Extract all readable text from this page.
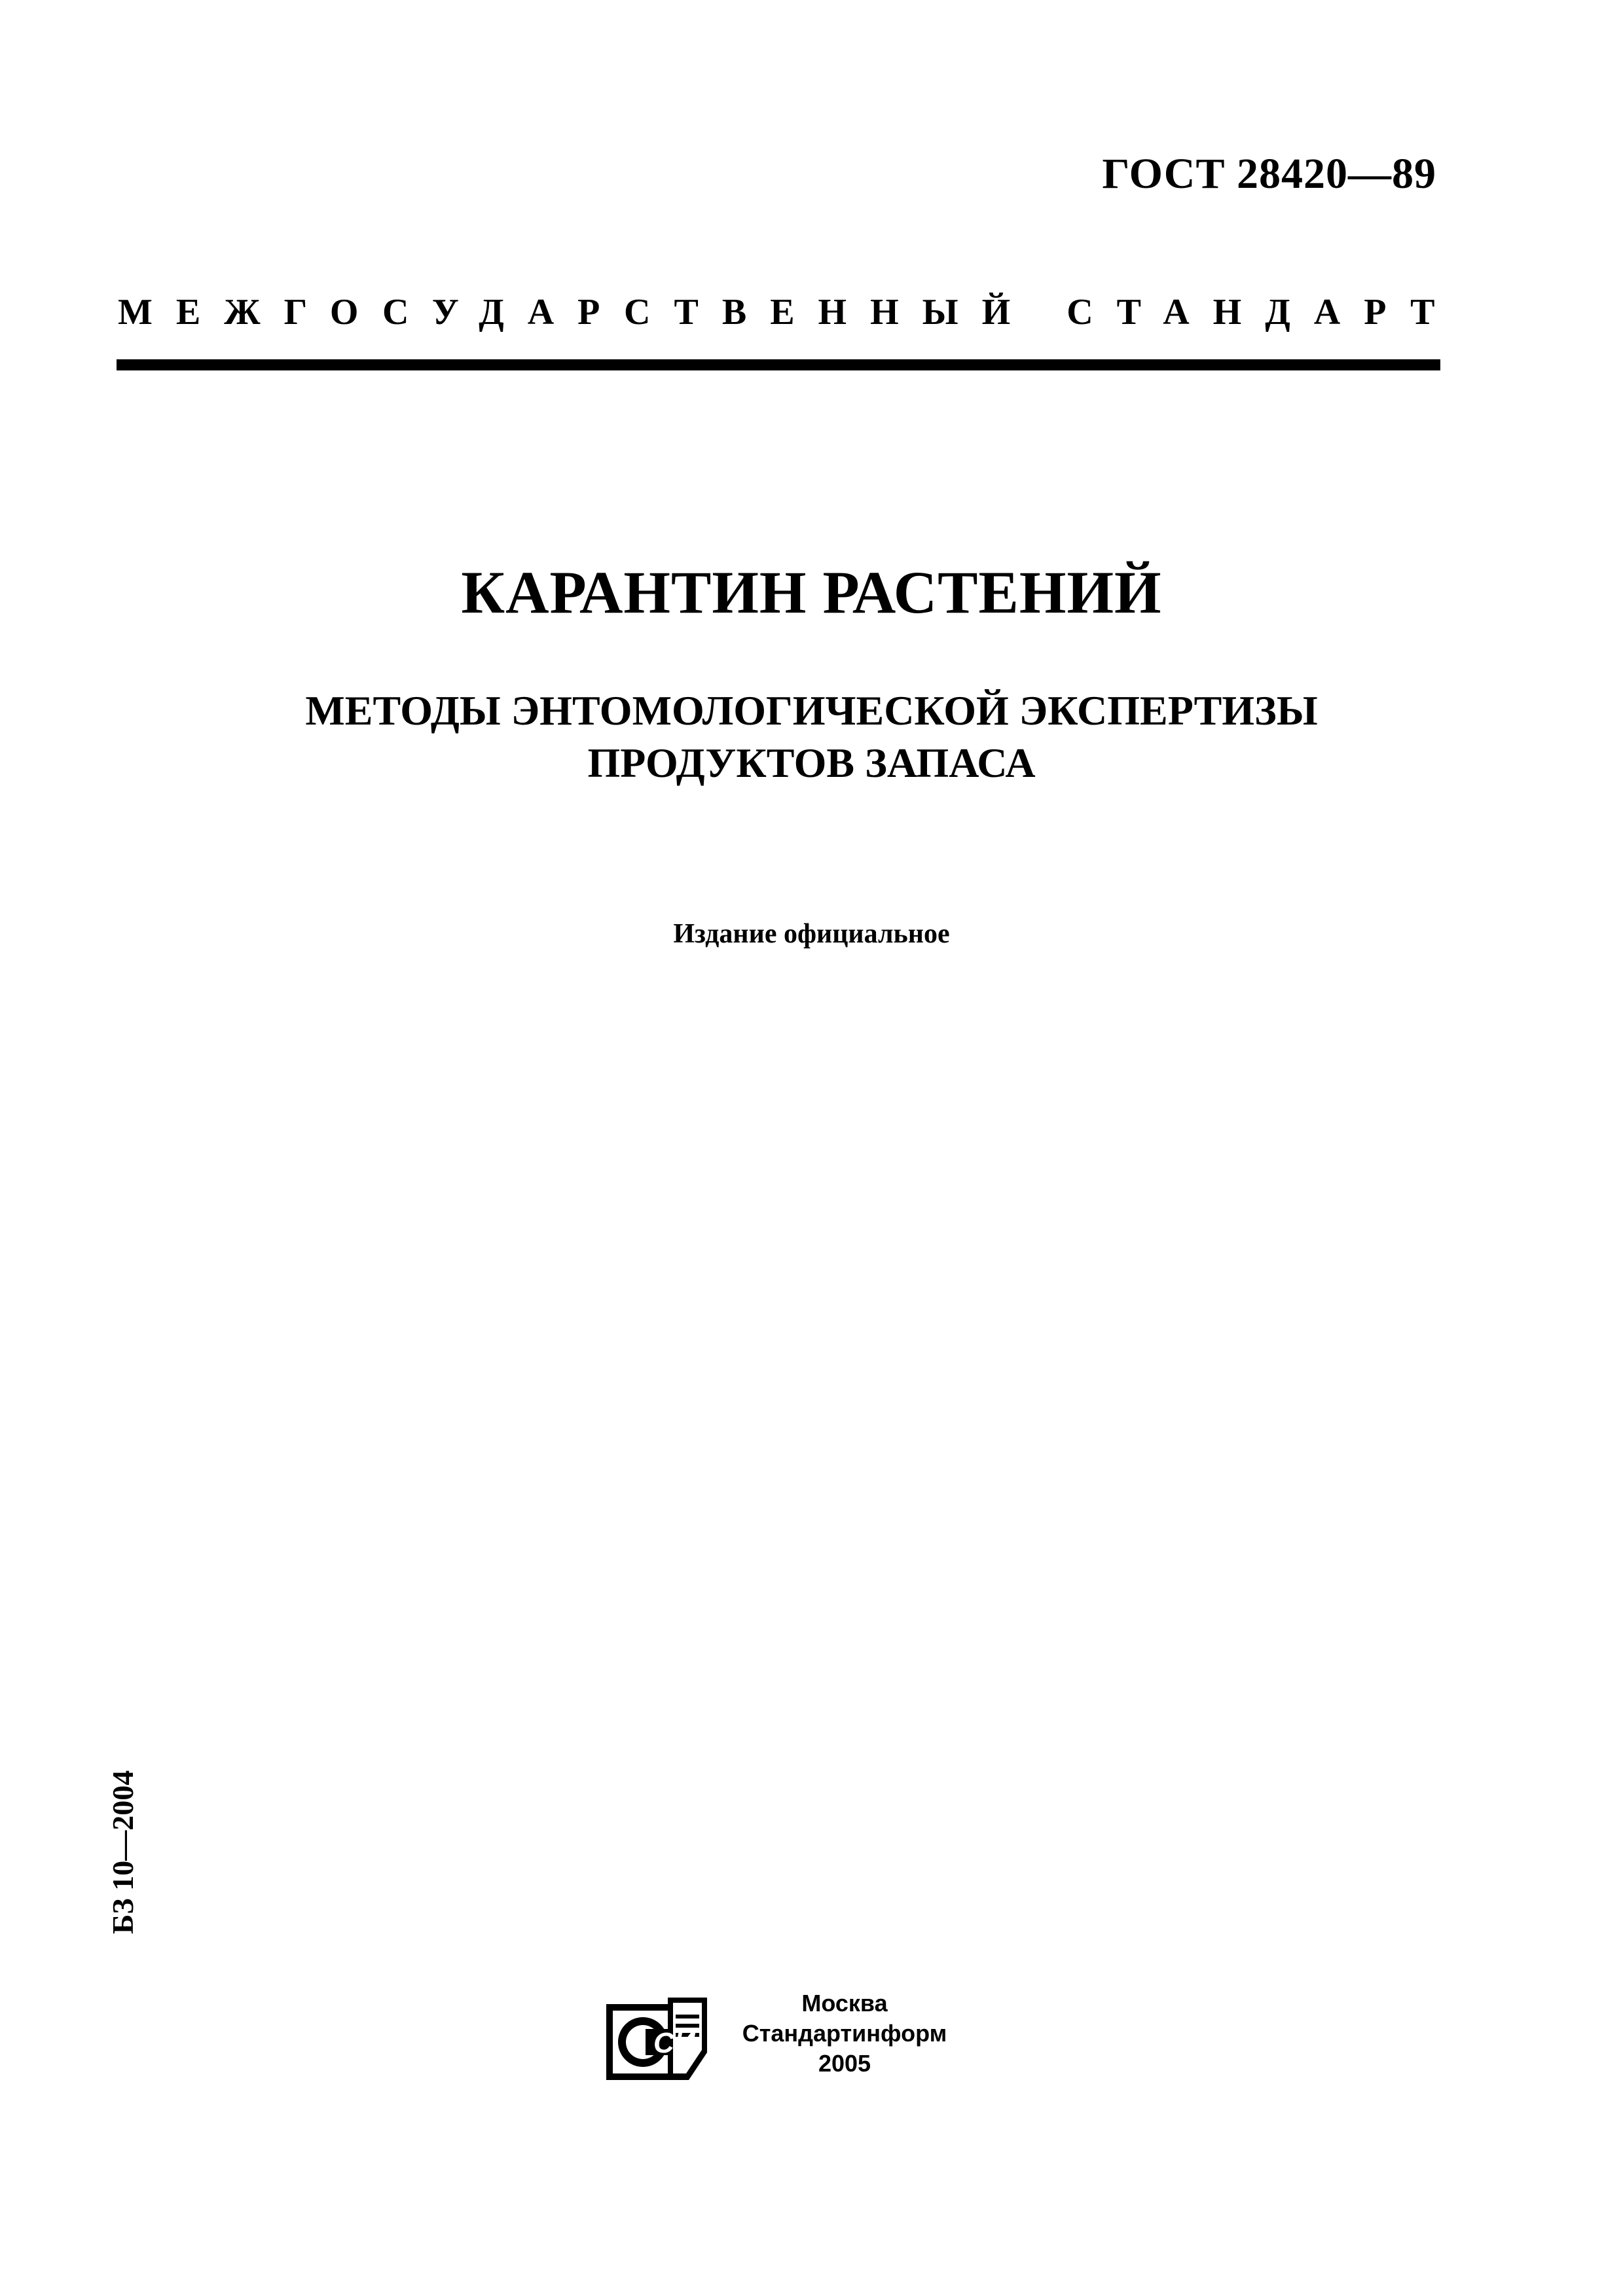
ГОСТ 28420—89
МЕЖГОСУДАРСТВЕННЫЙ СТАНДАРТ
КАРАНТИН РАСТЕНИЙ
МЕТОДЫ ЭНТОМОЛОГИЧЕСКОЙ ЭКСПЕРТИЗЫ
ПРОДУКТОВ ЗАПАСА
Издание официальное
БЗ 10—2004
СИ
Москва
Стандартинформ
2005
